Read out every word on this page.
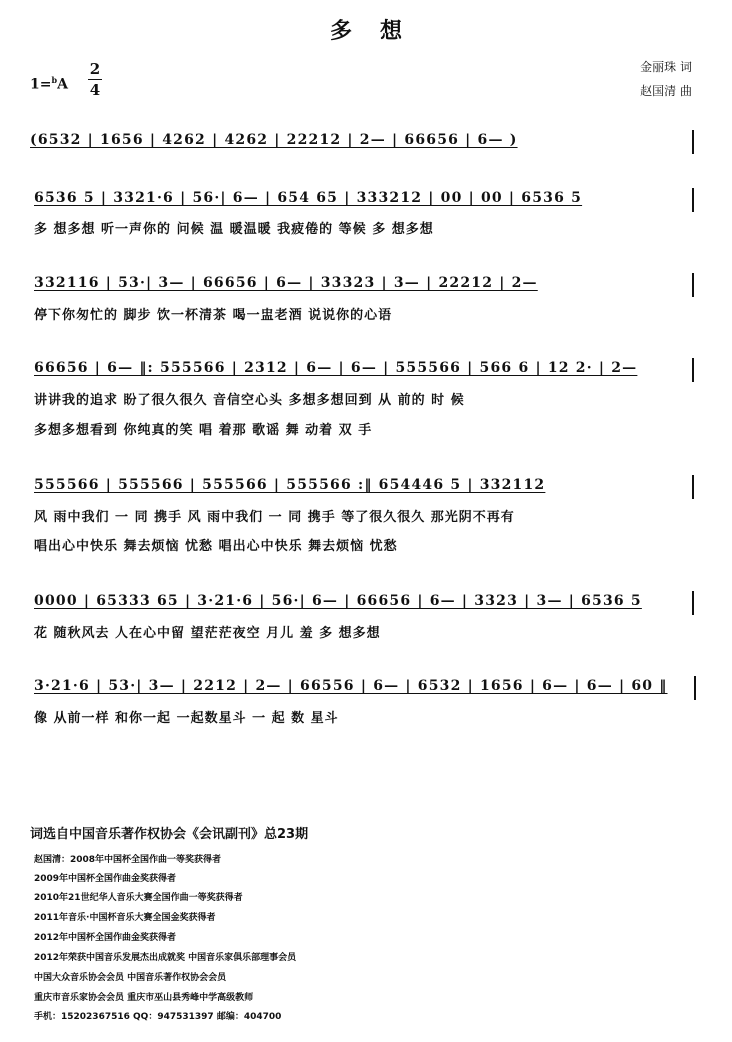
多想
金丽珠 词
赵国清 曲
1=$^b$A
2
4
(6532 | 1656 | 4262 | 4262 | 22212 | 2— | 66656 | 6— )
6536 5 | 3321·6 | 56·| 6— | 654 65 | 333212 | 00 | 00 | 6536 5
多 想多想 听一声你的 问候 温 暖温暖 我疲倦的 等候 多 想多想
332116 | 53·| 3— | 66656 | 6— | 33323 | 3— | 22212 | 2—
停下你匆忙的 脚步 饮一杯清茶 喝一盅老酒 说说你的心语
66656 | 6— ‖: 555566 | 2312 | 6— | 6— | 555566 | 566 6 | 12 2· | 2—
讲讲我的追求 盼了很久很久 音信空心头 多想多想回到 从 前的 时 候
多想多想看到 你纯真的笑 唱 着那 歌谣 舞 动着 双 手
555566 | 555566 | 555566 | 555566 :‖ 654446 5 | 332112
风 雨中我们 一 同 携手 风 雨中我们 一 同 携手 等了很久很久 那光阴不再有
唱出心中快乐 舞去烦恼 忧愁 唱出心中快乐 舞去烦恼 忧愁
0000 | 65333 65 | 3·21·6 | 56·| 6— | 66656 | 6— | 3323 | 3— | 6536 5
花 随秋风去 人在心中留 望茫茫夜空 月儿 羞 多 想多想
3·21·6 | 53·| 3— | 2212 | 2— | 66556 | 6— | 6532 | 1656 | 6— | 6— | 60 ‖
像 从前一样 和你一起 一起数星斗 一 起 数 星斗
词选自中国音乐著作权协会《会讯副刊》总23期
赵国清：2008年中国杯全国作曲一等奖获得者
2009年中国杯全国作曲金奖获得者
2010年21世纪华人音乐大赛全国作曲一等奖获得者
2011年音乐·中国杯音乐大赛全国金奖获得者
2012年中国杯全国作曲金奖获得者
2012年荣获中国音乐发展杰出成就奖 中国音乐家俱乐部理事会员
中国大众音乐协会会员 中国音乐著作权协会会员
重庆市音乐家协会会员 重庆市巫山县秀峰中学高级教师
手机：15202367516 QQ：947531397 邮编：404700
